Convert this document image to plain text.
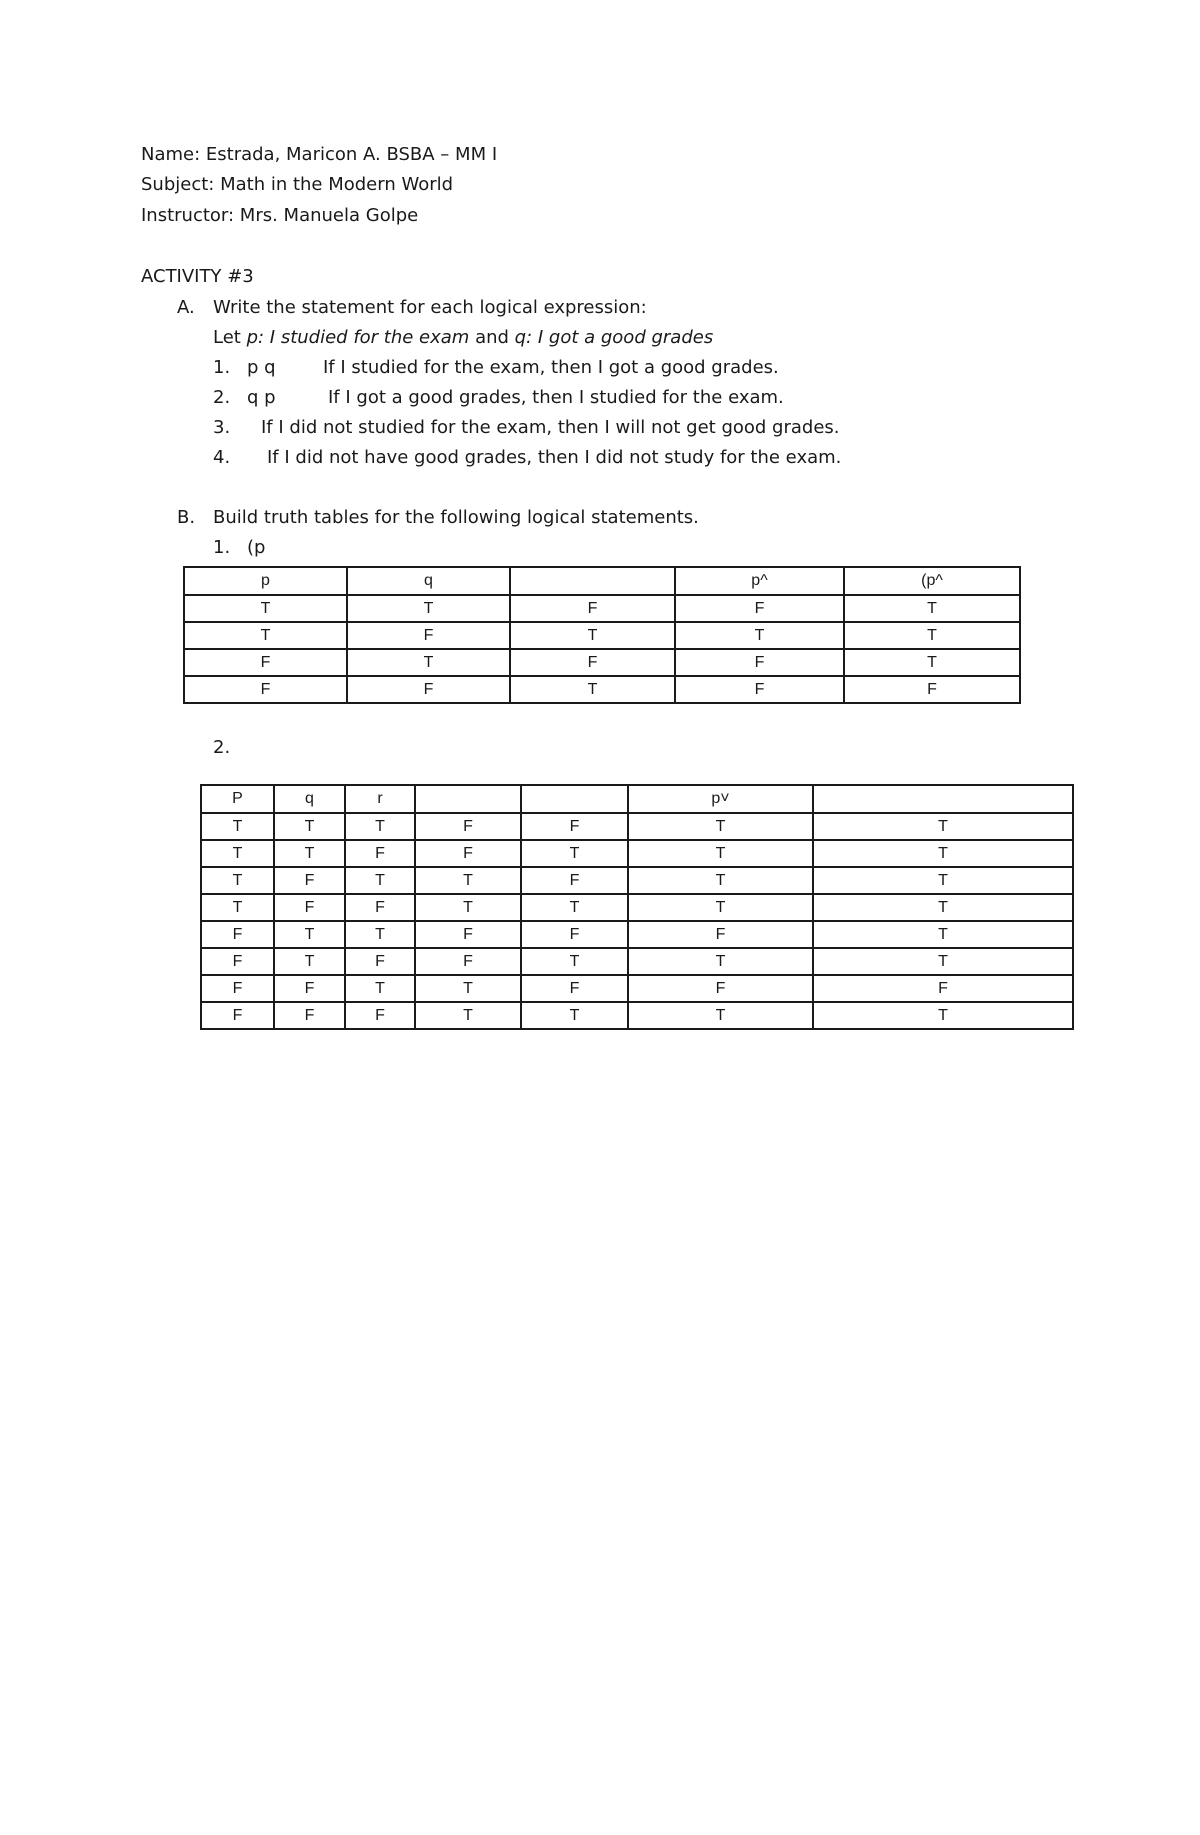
Name: Estrada, Maricon A. BSBA – MM I
Subject: Math in the Modern World
Instructor: Mrs. Manuela Golpe
ACTIVITY #3
A. Write the statement for each logical expression:
Let p: I studied for the exam and q: I got a good grades
1. p q	If I studied for the exam, then I got a good grades.
2. q p	If I got a good grades, then I studied for the exam.
3. If I did not studied for the exam, then I will not get good grades.
4. If I did not have good grades, then I did not study for the exam.
B. Build truth tables for the following logical statements.
1. (p
p	q		p^	(p^
T	T	F	F	T
T	F	T	T	T
F	T	F	F	T
F	F	T	F	F
2.
P	q	r			p˅	
T	T	T	F	F	T	T
T	T	F	F	T	T	T
T	F	T	T	F	T	T
T	F	F	T	T	T	T
F	T	T	F	F	F	T
F	T	F	F	T	T	T
F	F	T	T	F	F	F
F	F	F	T	T	T	T
